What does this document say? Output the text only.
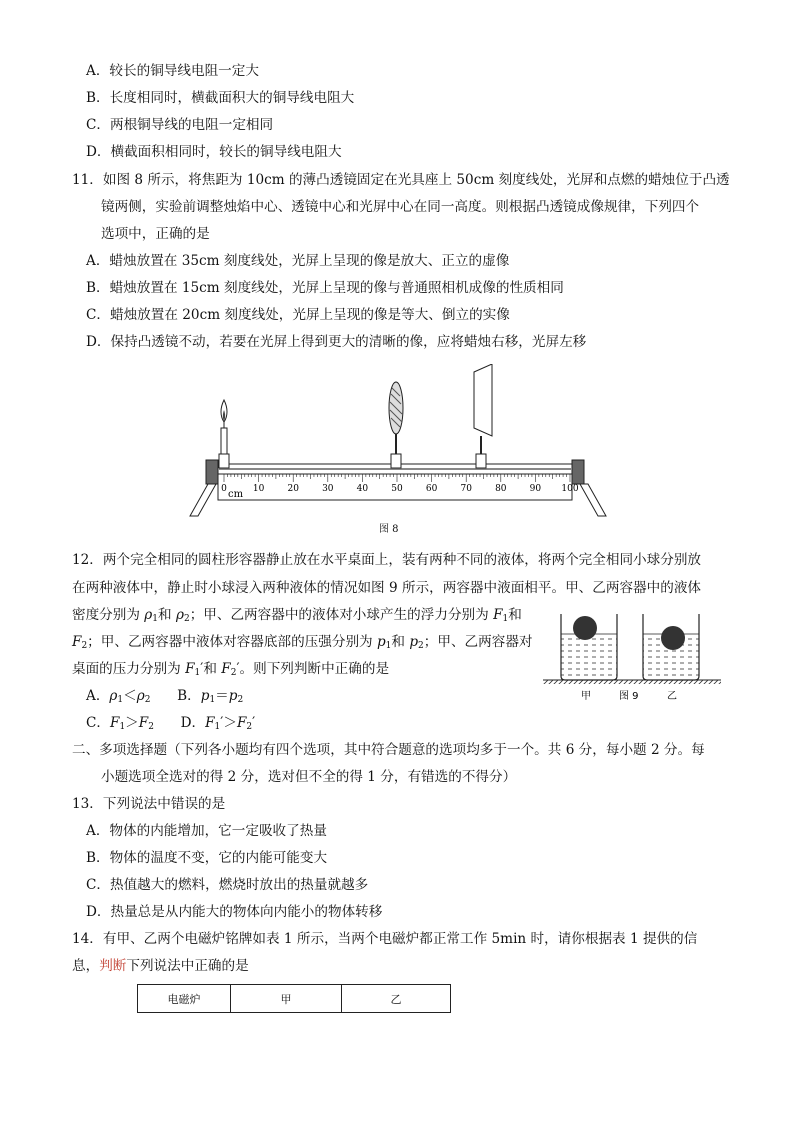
A．较长的铜导线电阻一定大
B．长度相同时，横截面积大的铜导线电阻大
C．两根铜导线的电阻一定相同
D．横截面积相同时，较长的铜导线电阻大
11．如图 8 所示，将焦距为 10cm 的薄凸透镜固定在光具座上 50cm 刻度线处，光屏和点燃的蜡烛位于凸透
镜两侧，实验前调整烛焰中心、透镜中心和光屏中心在同一高度。则根据凸透镜成像规律，下列四个
选项中，正确的是
A．蜡烛放置在 35cm 刻度线处，光屏上呈现的像是放大、正立的虚像
B．蜡烛放置在 15cm 刻度线处，光屏上呈现的像与普通照相机成像的性质相同
C．蜡烛放置在 20cm 刻度线处，光屏上呈现的像是等大、倒立的实像
D．保持凸透镜不动，若要在光屏上得到更大的清晰的像，应将蜡烛右移，光屏左移
0	10	20	30	40	50	60	70	80	90 100
cm
图 8
12．两个完全相同的圆柱形容器静止放在水平桌面上，装有两种不同的液体，将两个完全相同小球分别放
在两种液体中，静止时小球浸入两种液体的情况如图 9 所示，两容器中液面相平。甲、乙两容器中的液体
密度分别为 $\rho_1$和 $\rho_2$；甲、乙两容器中的液体对小球产生的浮力分别为 $F_1$和
$F_2$；甲、乙两容器中液体对容器底部的压强分别为 $p_1$和 $p_2$；甲、乙两容器对
桌面的压力分别为 $F_1'$和 $F_2'$。则下列判断中正确的是
A．$\rho_1<\rho_2$ B．$p_1=p_2$
C．$F_1>F_2$ D．$F_1'>F_2'$
甲	图 9	乙
二、多项选择题（下列各小题均有四个选项，其中符合题意的选项均多于一个。共 6 分，每小题 2 分。每
小题选项全选对的得 2 分，选对但不全的得 1 分，有错选的不得分）
13．下列说法中错误的是
A．物体的内能增加，它一定吸收了热量
B．物体的温度不变，它的内能可能变大
C．热值越大的燃料，燃烧时放出的热量就越多
D．热量总是从内能大的物体向内能小的物体转移
14．有甲、乙两个电磁炉铭牌如表 1 所示，当两个电磁炉都正常工作 5min 时，请你根据表 1 提供的信
息，判断下列说法中正确的是
电磁炉	甲	乙
